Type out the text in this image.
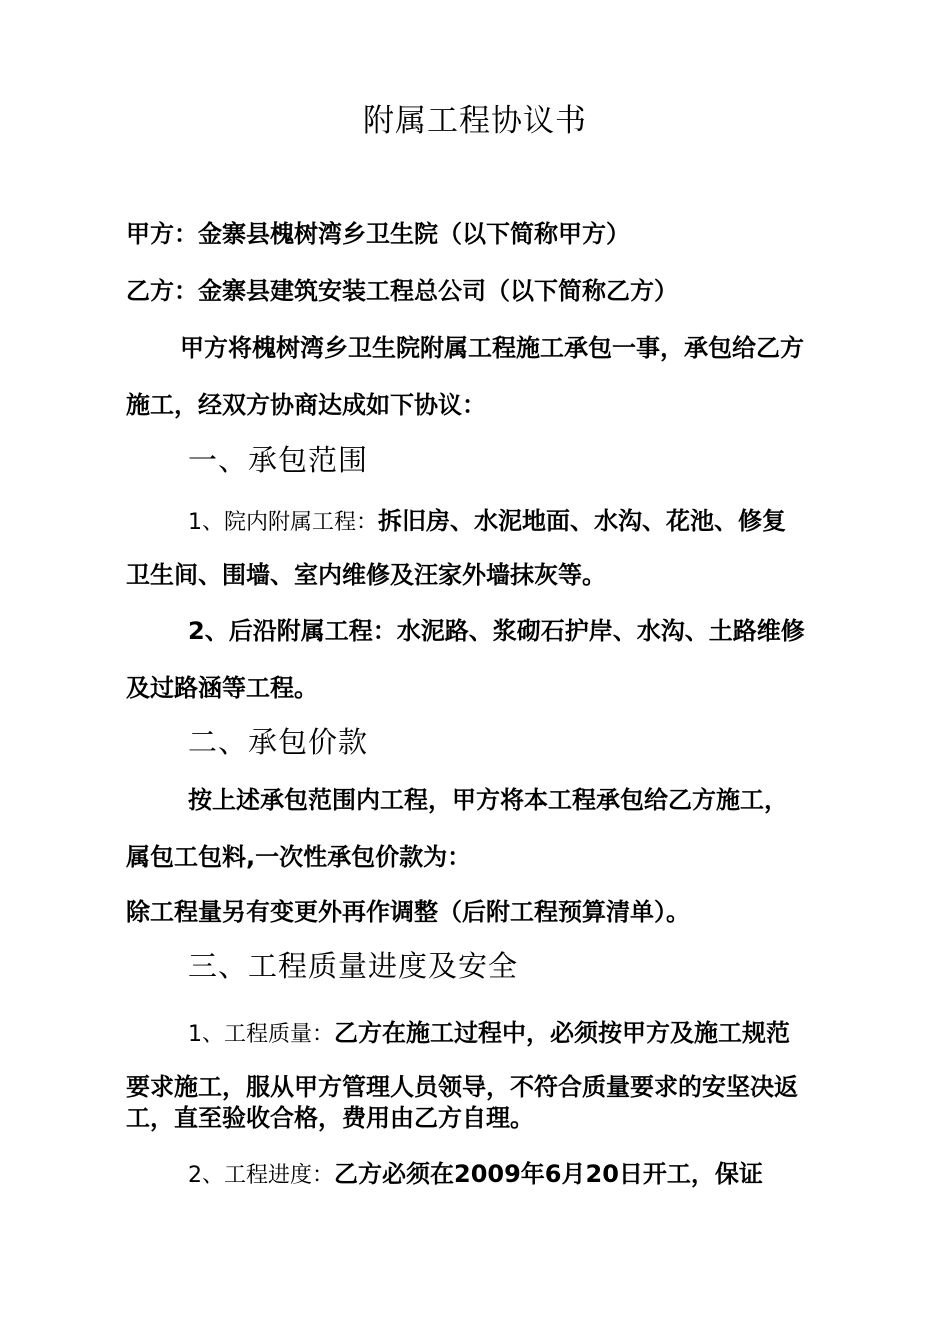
附属工程协议书
甲方：金寨县槐树湾乡卫生院（以下简称甲方）
乙方：金寨县建筑安装工程总公司（以下简称乙方）
甲方将槐树湾乡卫生院附属工程施工承包一事，承包给乙方
施工，经双方协商达成如下协议：
一、承包范围
1、院内附属工程：拆旧房、水泥地面、水沟、花池、修复
卫生间、围墙、室内维修及汪家外墙抹灰等。
2、后沿附属工程：水泥路、浆砌石护岸、水沟、土路维修
及过路涵等工程。
二、承包价款
按上述承包范围内工程，甲方将本工程承包给乙方施工，
属包工包料,一次性承包价款为：
除工程量另有变更外再作调整（后附工程预算清单）。
三、工程质量进度及安全
1、工程质量：乙方在施工过程中，必须按甲方及施工规范
要求施工，服从甲方管理人员领导，不符合质量要求的安坚决返
工，直至验收合格，费用由乙方自理。
2、工程进度：乙方必须在2009年6月20日开工，保证
